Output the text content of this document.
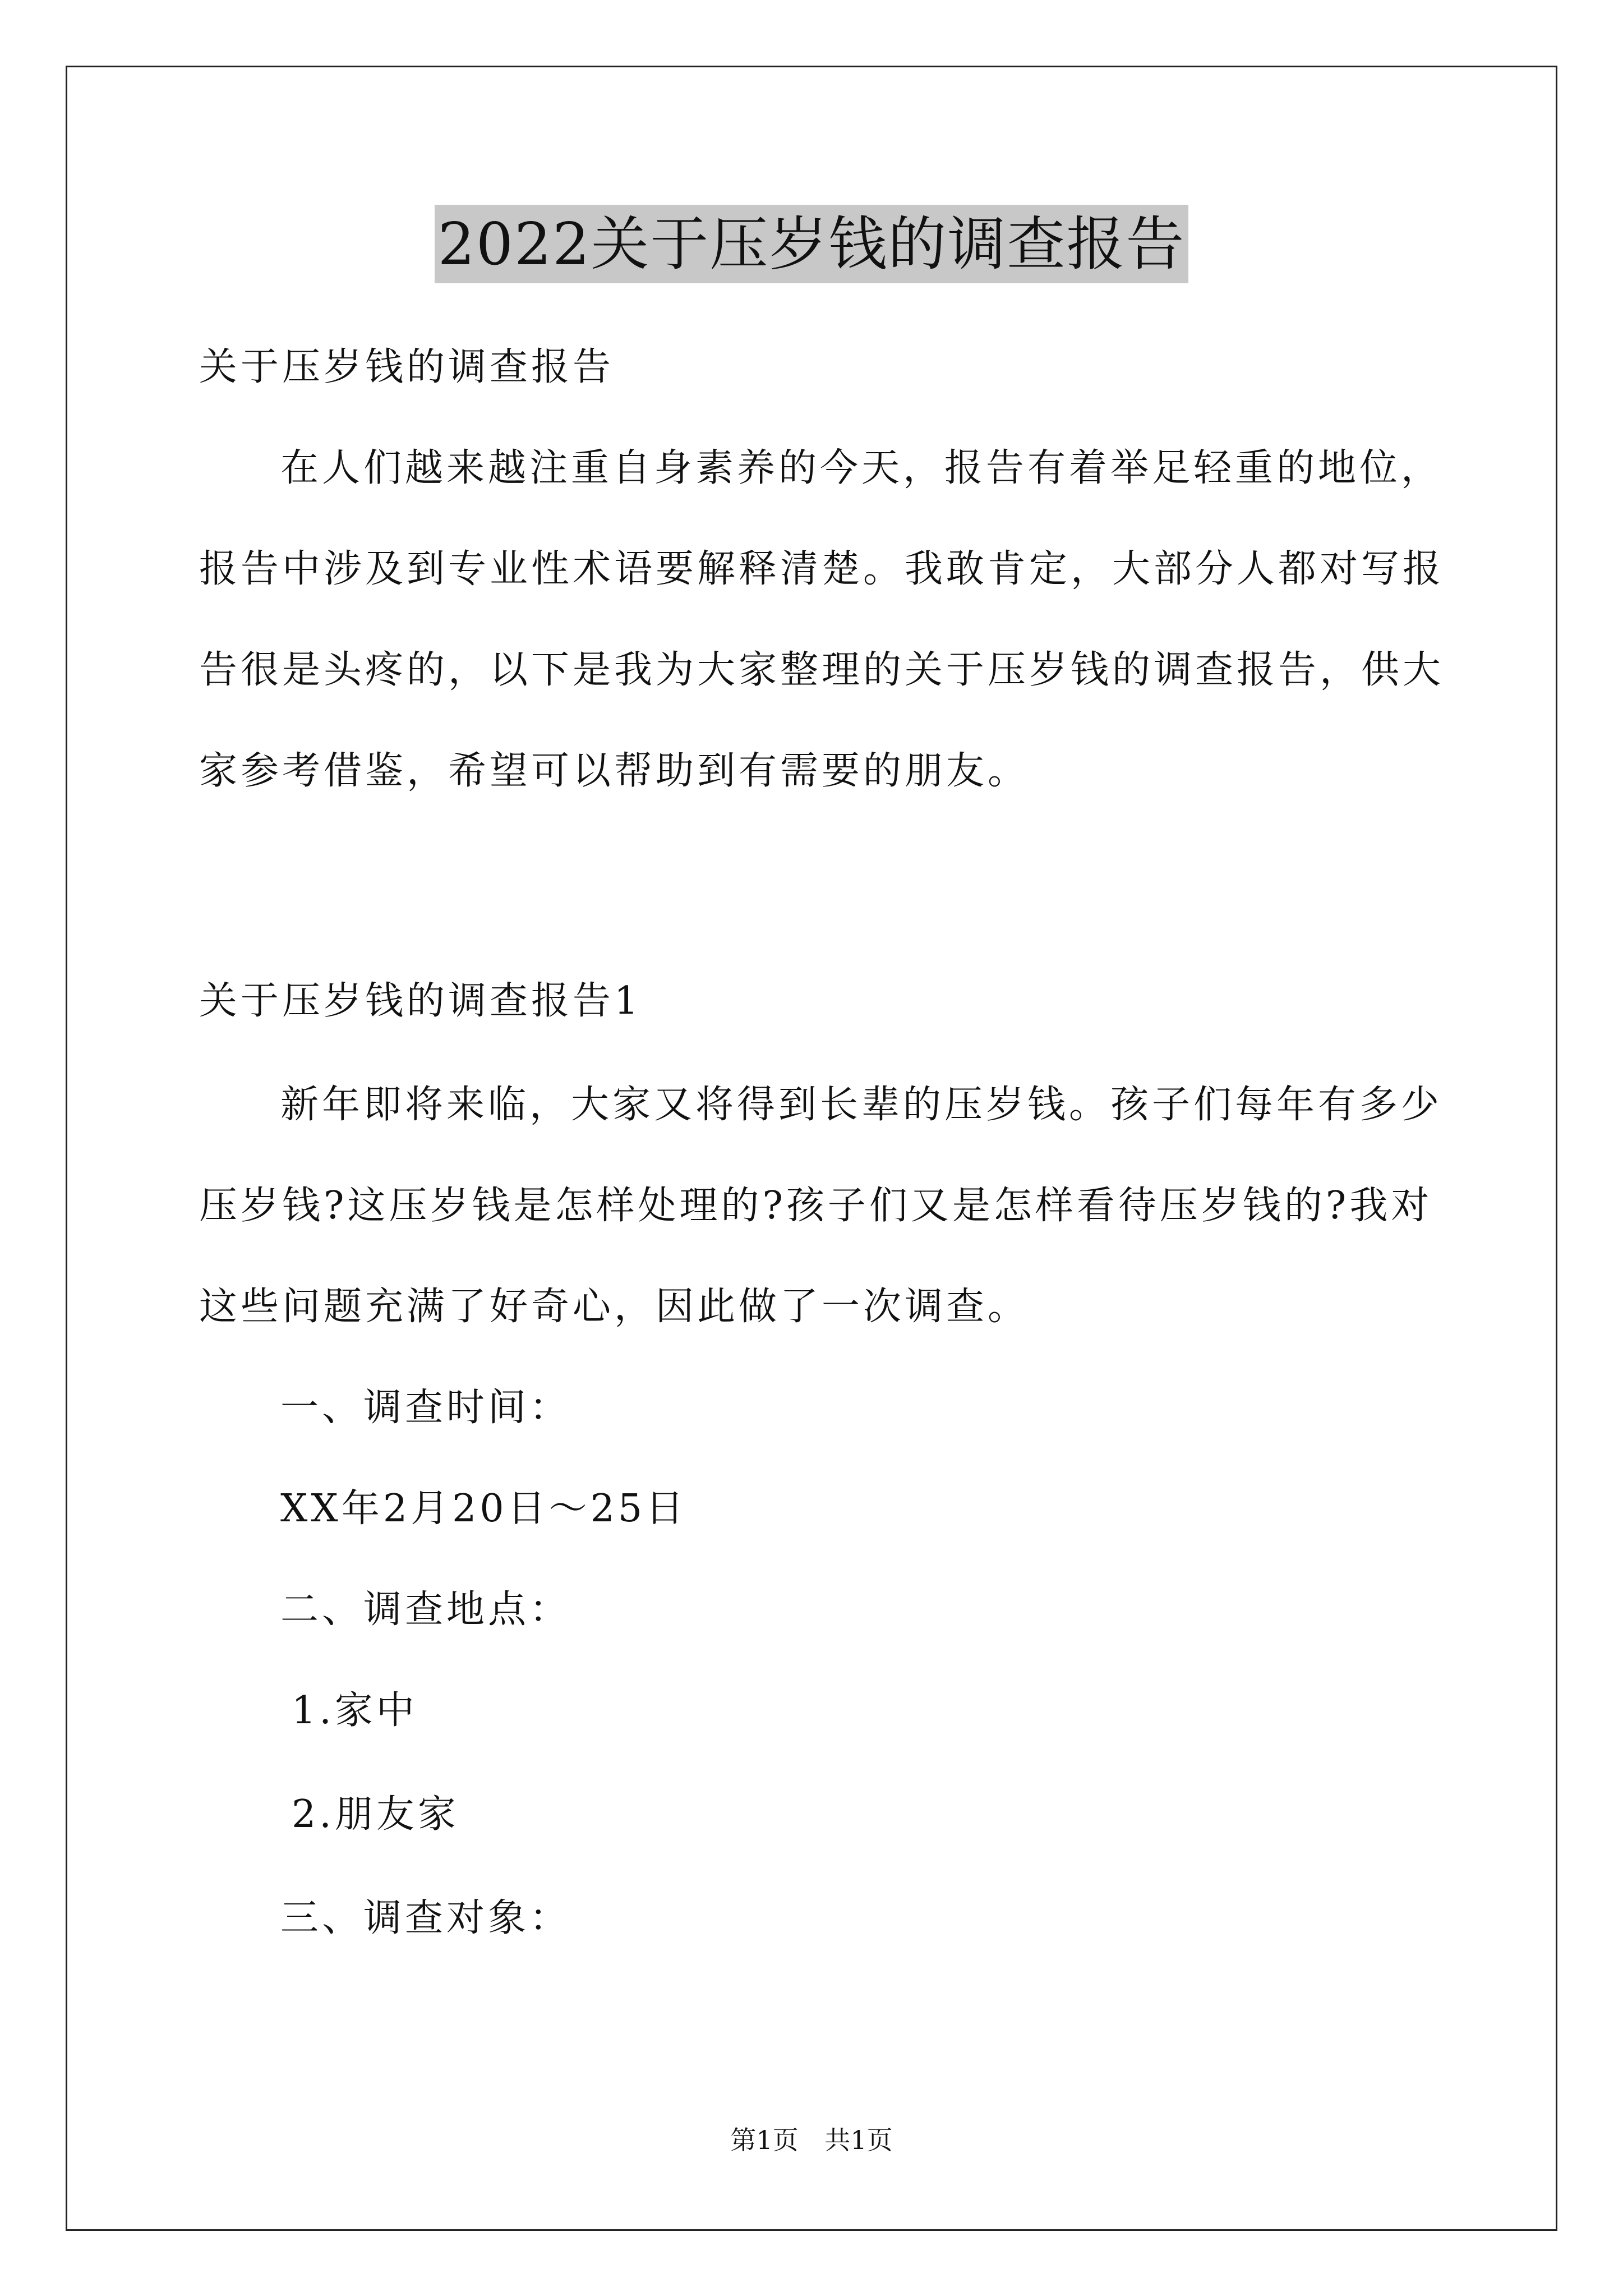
2022关于压岁钱的调查报告
关于压岁钱的调查报告
在人们越来越注重自身素养的今天，报告有着举足轻重的地位，
报告中涉及到专业性术语要解释清楚。我敢肯定，大部分人都对写报
告很是头疼的，以下是我为大家整理的关于压岁钱的调查报告，供大
家参考借鉴，希望可以帮助到有需要的朋友。
关于压岁钱的调查报告1
新年即将来临，大家又将得到长辈的压岁钱。孩子们每年有多少
压岁钱?这压岁钱是怎样处理的?孩子们又是怎样看待压岁钱的?我对
这些问题充满了好奇心，因此做了一次调查。
一、调查时间：
XX年2月20日～25日
二、调查地点：
1.家中
2.朋友家
三、调查对象：
第1页 共1页
